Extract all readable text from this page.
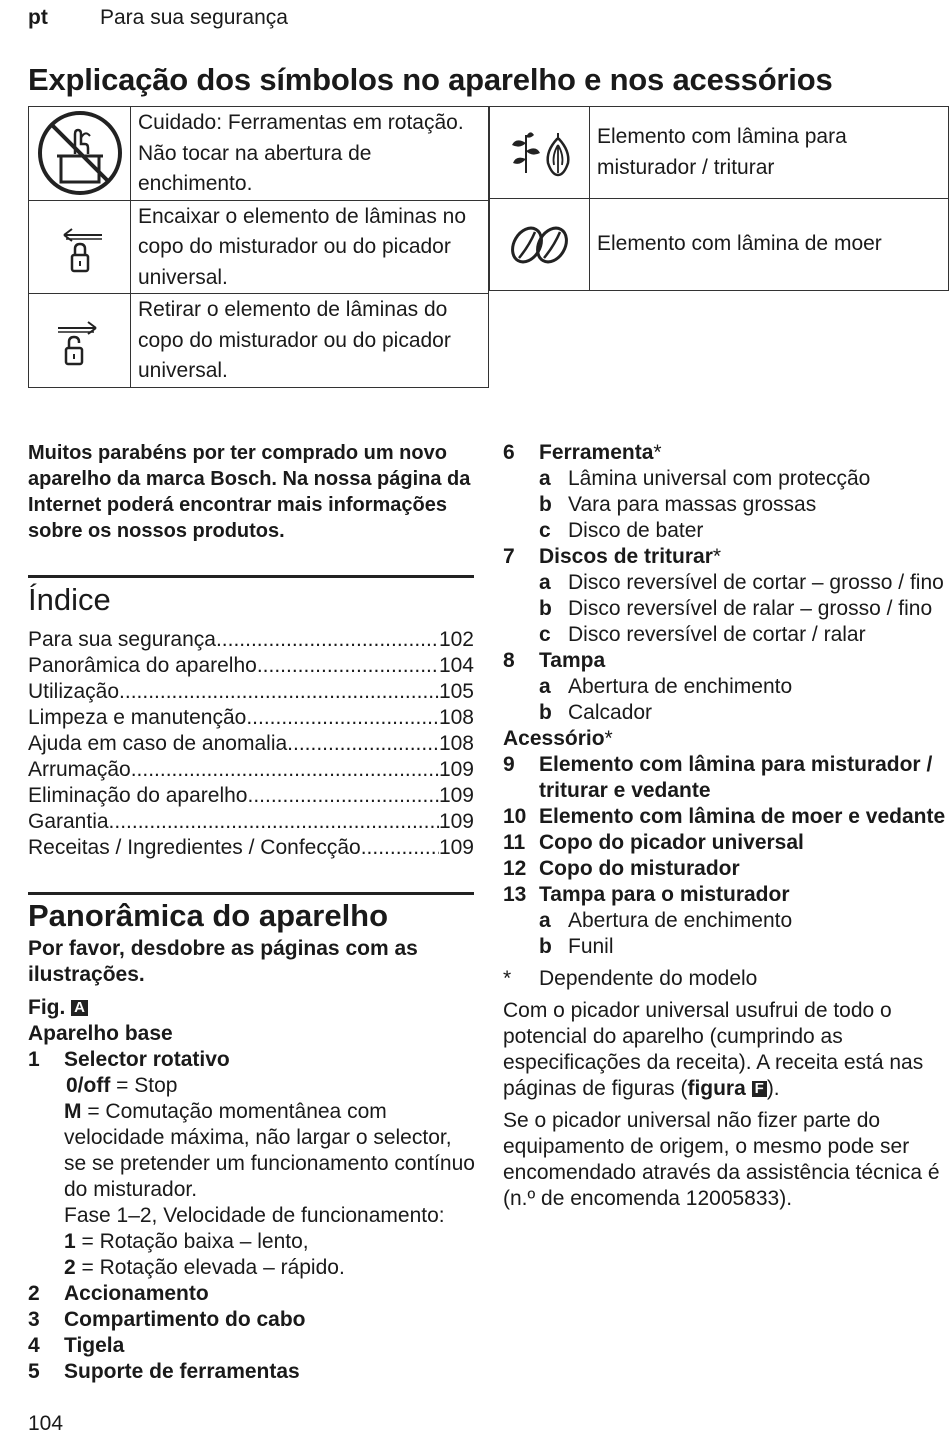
pt Para sua segurança
Explicação dos símbolos no aparelho e nos acessórios
	Cuidado: Ferramentas em rotação. Não tocar na abertura de enchimento.

	Encaixar o elemento de lâminas no copo do misturador ou do picador universal.

	Retirar o elemento de lâminas do copo do misturador ou do picador universal.
	Elemento com lâmina para misturador / triturar

	Elemento com lâmina de moer
Muitos parabéns por ter comprado um novo aparelho da marca Bosch. Na nossa página da Internet poderá encontrar mais informações sobre os nossos produtos.
Índice
Para sua segurança .....	102
Panorâmica do aparelho .....	104
Utilização .....	105
Limpeza e manutenção .....	108
Ajuda em caso de anomalia .....	108
Arrumação .....	109
Eliminação do aparelho .....	109
Garantia .....	109
Receitas / Ingredientes / Confecção .....	109
Panorâmica do aparelho
Por favor, desdobre as páginas com as ilustrações.
Fig. A
Aparelho base
1	Selector rotativo
0/off = Stop
M = Comutação momentânea com velocidade máxima, não largar o selector, se se pretender um funcionamento contínuo do misturador.
Fase 1–2, Velocidade de funcionamento:
1 = Rotação baixa – lento,
2 = Rotação elevada – rápido.
2	Accionamento
3	Compartimento do cabo
4	Tigela
5	Suporte de ferramentas
6	Ferramenta*
a Lâmina universal com protecção
b Vara para massas grossas
c Disco de bater
7	Discos de triturar*
a Disco reversível de cortar – grosso / fino
b Disco reversível de ralar – grosso / fino
c Disco reversível de cortar / ralar
8	Tampa
a Abertura de enchimento
b Calcador
Acessório*
9	Elemento com lâmina para misturador / triturar e vedante
10 Elemento com lâmina de moer e vedante
11 Copo do picador universal
12 Copo do misturador
13 Tampa para o misturador
a Abertura de enchimento
b Funil
*	Dependente do modelo
Com o picador universal usufrui de todo o potencial do aparelho (cumprindo as especificações da receita). A receita está nas páginas de figuras (figura F ).
Se o picador universal não fizer parte do equipamento de origem, o mesmo pode ser encomendado através da assistência técnica é (n.º de encomenda 12005833).
104
